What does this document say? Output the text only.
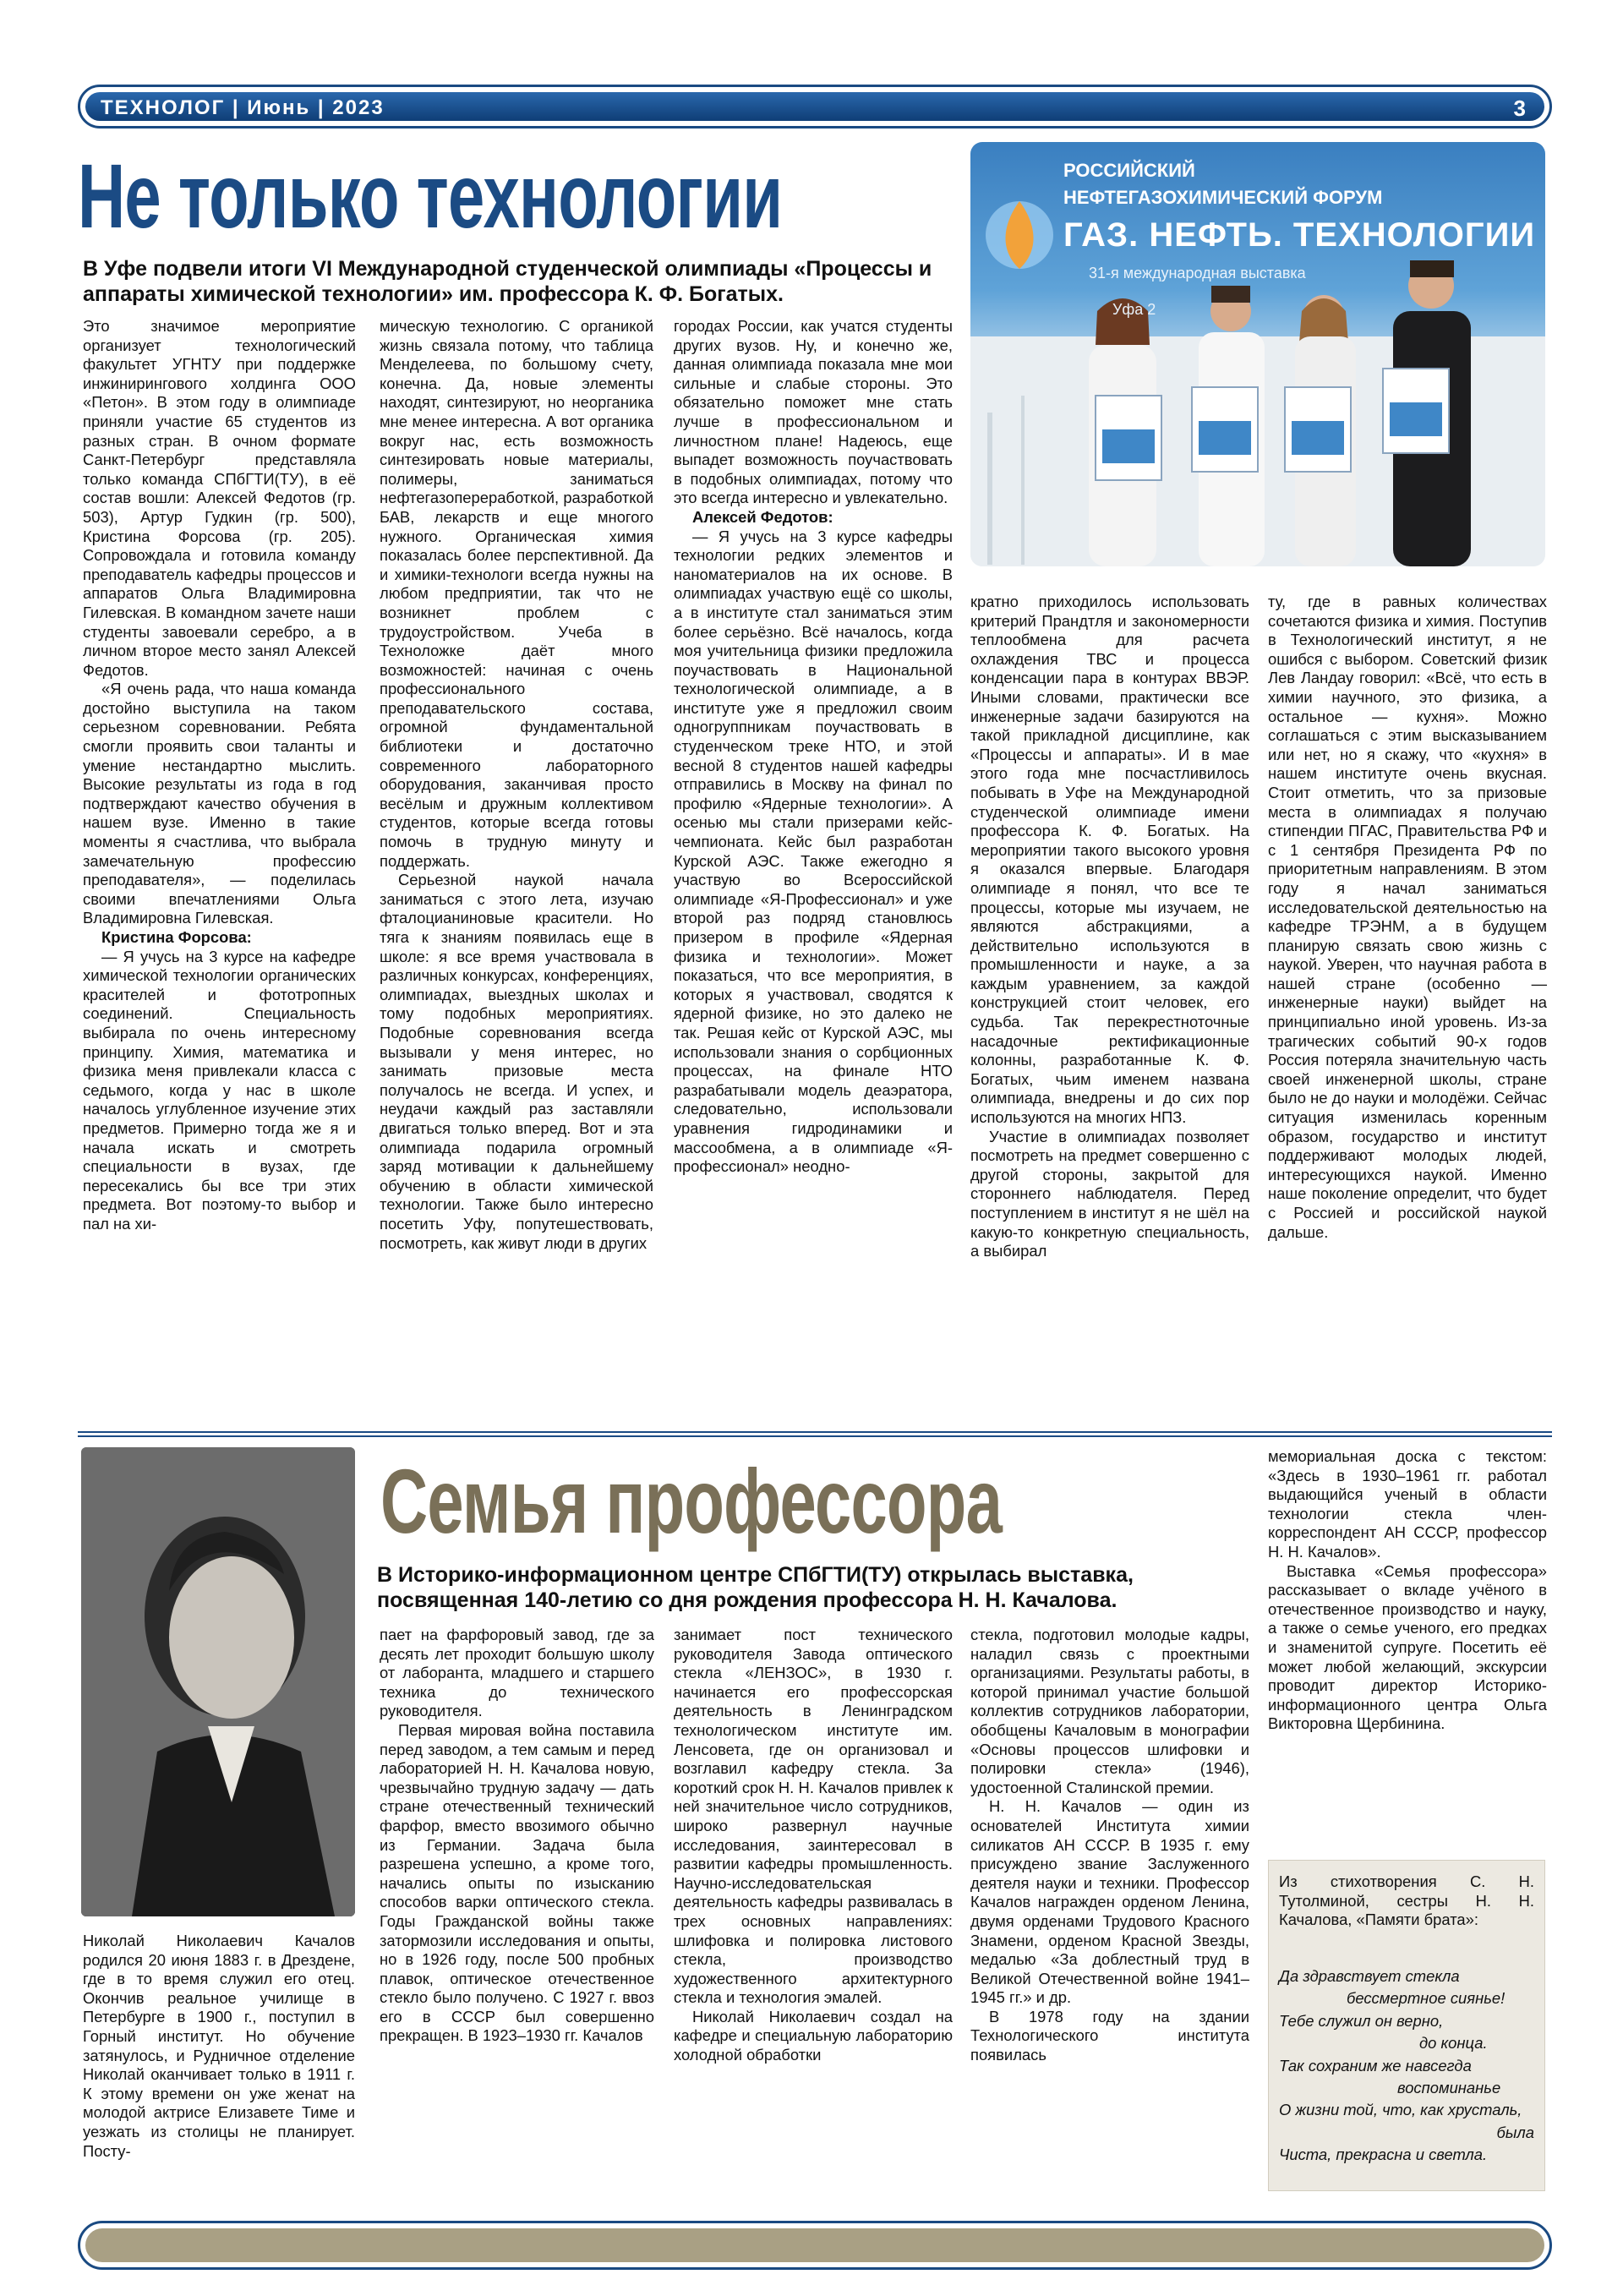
ТЕХНОЛОГ | Июнь | 2023	3
Не только технологии
В Уфе подвели итоги VI Международной студенческой олимпиады «Процессы и аппараты химической технологии» им. профессора К. Ф. Богатых.
РОССИЙСКИЙ
НЕФТЕГАЗОХИМИЧЕСКИЙ ФОРУМ
ГАЗ. НЕФТЬ. ТЕХНОЛОГИИ
31-я международная выставка
Уфа 2

Это значимое мероприятие организует технологический факультет УГНТУ при поддержке инжинирингового холдинга ООО «Петон». В этом году в олимпиаде приняли участие 65 студентов из разных стран. В очном формате Санкт-Петербург представляла только команда СПбГТИ(ТУ), в её состав вошли: Алексей Федотов (гр. 503), Артур Гудкин (гр. 500), Кристина Форсова (гр. 205). Сопровождала и готовила команду преподаватель кафедры процессов и аппаратов Ольга Владимировна Гилевская. В командном зачете наши студенты завоевали серебро, а в личном второе место занял Алексей Федотов.

«Я очень рада, что наша команда достойно выступила на таком серьезном соревновании. Ребята смогли проявить свои таланты и умение нестандартно мыслить. Высокие результаты из года в год подтверждают качество обучения в нашем вузе. Именно в такие моменты я счастлива, что выбрала замечательную профессию преподавателя», — поделилась своими впечатлениями Ольга Владимировна Гилевская.

Кристина Форсова:

— Я учусь на 3 курсе на кафедре химической технологии органических красителей и фототропных соединений. Специальность выбирала по очень интересному принципу. Химия, математика и физика меня привлекали класса с седьмого, когда у нас в школе началось углубленное изучение этих предметов. Примерно тогда же я и начала искать и смотреть специальности в вузах, где пересекались бы все три этих предмета. Вот поэтому-то выбор и пал на хи-

мическую технологию. С органикой жизнь связала потому, что таблица Менделеева, по большому счету, конечна. Да, новые элементы находят, синтезируют, но неорганика мне менее интересна. А вот органика вокруг нас, есть возможность синтезировать новые материалы, полимеры, заниматься нефтегазопереработкой, разработкой БАВ, лекарств и еще многого нужного. Органическая химия показалась более перспективной. Да и химики-технологи всегда нужны на любом предприятии, так что не возникнет проблем с трудоустройством. Учеба в Техноложке даёт много возможностей: начиная с очень профессионального преподавательского состава, огромной фундаментальной библиотеки и достаточно современного лабораторного оборудования, заканчивая просто весёлым и дружным коллективом студентов, которые всегда готовы помочь в трудную минуту и поддержать.

Серьезной наукой начала заниматься с этого лета, изучаю фталоцианиновые красители. Но тяга к знаниям появилась еще в школе: я все время участвовала в различных конкурсах, конференциях, олимпиадах, выездных школах и тому подобных мероприятиях. Подобные соревнования всегда вызывали у меня интерес, но занимать призовые места получалось не всегда. И успех, и неудачи каждый раз заставляли двигаться только вперед. Вот и эта олимпиада подарила огромный заряд мотивации к дальнейшему обучению в области химической технологии. Также было интересно посетить Уфу, попутешествовать, посмотреть, как живут люди в других

городах России, как учатся студенты других вузов. Ну, и конечно же, данная олимпиада показала мне мои сильные и слабые стороны. Это обязательно поможет мне стать лучше в профессиональном и личностном плане! Надеюсь, еще выпадет возможность поучаствовать в подобных олимпиадах, потому что это всегда интересно и увлекательно.

Алексей Федотов:

— Я учусь на 3 курсе кафедры технологии редких элементов и наноматериалов на их основе. В олимпиадах участвую ещё со школы, а в институте стал заниматься этим более серьёзно. Всё началось, когда моя учительница физики предложила поучаствовать в Национальной технологической олимпиаде, а в институте уже я предложил своим одногруппникам поучаствовать в студенческом треке НТО, и этой весной 8 студентов нашей кафедры отправились в Москву на финал по профилю «Ядерные технологии». А осенью мы стали призерами кейс-чемпионата. Кейс был разработан Курской АЭС. Также ежегодно я участвую во Всероссийской олимпиаде «Я-Профессионал» и уже второй раз подряд становлюсь призером в профиле «Ядерная физика и технологии». Может показаться, что все мероприятия, в которых я участвовал, сводятся к ядерной физике, но это далеко не так. Решая кейс от Курской АЭС, мы использовали знания о сорбционных процессах, на финале НТО разрабатывали модель деаэратора, следовательно, использовали уравнения гидродинамики и массообмена, а в олимпиаде «Я-профессионал» неодно-

кратно приходилось использовать критерий Прандтля и закономерности теплообмена для расчета охлаждения ТВС и процесса конденсации пара в контурах ВВЭР. Иными словами, практически все инженерные задачи базируются на такой прикладной дисциплине, как «Процессы и аппараты». И в мае этого года мне посчастливилось побывать в Уфе на Международной студенческой олимпиаде имени профессора К. Ф. Богатых. На мероприятии такого высокого уровня я оказался впервые. Благодаря олимпиаде я понял, что все те процессы, которые мы изучаем, не являются абстракциями, а действительно используются в промышленности и науке, а за каждым уравнением, за каждой конструкцией стоит человек, его судьба. Так перекрестноточные насадочные ректификационные колонны, разработанные К. Ф. Богатых, чьим именем названа олимпиада, внедрены и до сих пор используются на многих НПЗ.

Участие в олимпиадах позволяет посмотреть на предмет совершенно с другой стороны, закрытой для стороннего наблюдателя. Перед поступлением в институт я не шёл на какую-то конкретную специальность, а выбирал

ту, где в равных количествах сочетаются физика и химия. Поступив в Технологический институт, я не ошибся с выбором. Советский физик Лев Ландау говорил: «Всё, что есть в химии научного, это физика, а остальное — кухня». Можно соглашаться с этим высказыванием или нет, но я скажу, что «кухня» в нашем институте очень вкусная. Стоит отметить, что за призовые места в олимпиадах я получаю стипендии ПГАС, Правительства РФ и с 1 сентября Президента РФ по приоритетным направлениям. В этом году я начал заниматься исследовательской деятельностью на кафедре ТРЭНМ, а в будущем планирую связать свою жизнь с наукой. Уверен, что научная работа в нашей стране (особенно — инженерные науки) выйдет на принципиально иной уровень. Из-за трагических событий 90-х годов Россия потеряла значительную часть своей инженерной школы, стране было не до науки и молодёжи. Сейчас ситуация изменилась коренным образом, государство и институт поддерживают молодых людей, интересующихся наукой. Именно наше поколение определит, что будет с Россией и российской наукой дальше.

Семья профессора
В Историко-информационном центре СПбГТИ(ТУ) открылась выставка, посвященная 140-летию со дня рождения профессора Н. Н. Качалова.

Николай Николаевич Качалов родился 20 июня 1883 г. в Дрездене, где в то время служил его отец. Окончив реальное училище в Петербурге в 1900 г., поступил в Горный институт. Но обучение затянулось, и Рудничное отделение Николай оканчивает только в 1911 г. К этому времени он уже женат на молодой актрисе Елизавете Тиме и уезжать из столицы не планирует. Посту-

пает на фарфоровый завод, где за десять лет проходит большую школу от лаборанта, младшего и старшего техника до технического руководителя.

Первая мировая война поставила перед заводом, а тем самым и перед лабораторией Н. Н. Качалова новую, чрезвычайно трудную задачу — дать стране отечественный технический фарфор, вместо ввозимого обычно из Германии. Задача была разрешена успешно, а кроме того, начались опыты по изысканию способов варки оптического стекла. Годы Гражданской войны также затормозили исследования и опыты, но в 1926 году, после 500 пробных плавок, оптическое отечественное стекло было получено. С 1927 г. ввоз его в СССР был совершенно прекращен. В 1923–1930 гг. Качалов

занимает пост технического руководителя Завода оптического стекла «ЛЕНЗОС», в 1930 г. начинается его профессорская деятельность в Ленинградском технологическом институте им. Ленсовета, где он организовал и возглавил кафедру стекла. За короткий срок Н. Н. Качалов привлек к ней значительное число сотрудников, широко развернул научные исследования, заинтересовал в развитии кафедры промышленность. Научно-исследовательская деятельность кафедры развивалась в трех основных направлениях: шлифовка и полировка листового стекла, производство художественного архитектурного стекла и технология эмалей.

Николай Николаевич создал на кафедре и специальную лабораторию холодной обработки

стекла, подготовил молодые кадры, наладил связь с проектными организациями. Результаты работы, в которой принимал участие большой коллектив сотрудников лаборатории, обобщены Качаловым в монографии «Основы процессов шлифовки и полировки стекла» (1946), удостоенной Сталинской премии.

Н. Н. Качалов — один из основателей Института химии силикатов АН СССР. В 1935 г. ему присуждено звание Заслуженного деятеля науки и техники. Профессор Качалов награжден орденом Ленина, двумя орденами Трудового Красного Знамени, орденом Красной Звезды, медалью «За доблестный труд в Великой Отечественной войне 1941–1945 гг.» и др.

В 1978 году на здании Технологического института появилась

мемориальная доска с текстом: «Здесь в 1930–1961 гг. работал выдающийся ученый в области технологии стекла член-корреспондент АН СССР, профессор Н. Н. Качалов».

Выставка «Семья профессора» рассказывает о вкладе учёного в отечественное производство и науку, а также о семье ученого, его предках и знаменитой супруге. Посетить её может любой желающий, экскурсии проводит директор Историко-информационного центра Ольга Викторовна Щербинина.

Из стихотворения С. Н. Тутолминой, сестры Н. Н. Качалова, «Памяти брата»:
Да здравствует стекла
бессмертное сиянье!
Тебе служил он верно,
до конца.
Так сохраним же навсегда
воспоминанье
О жизни той, что, как хрусталь,
была
Чиста, прекрасна и светла.
